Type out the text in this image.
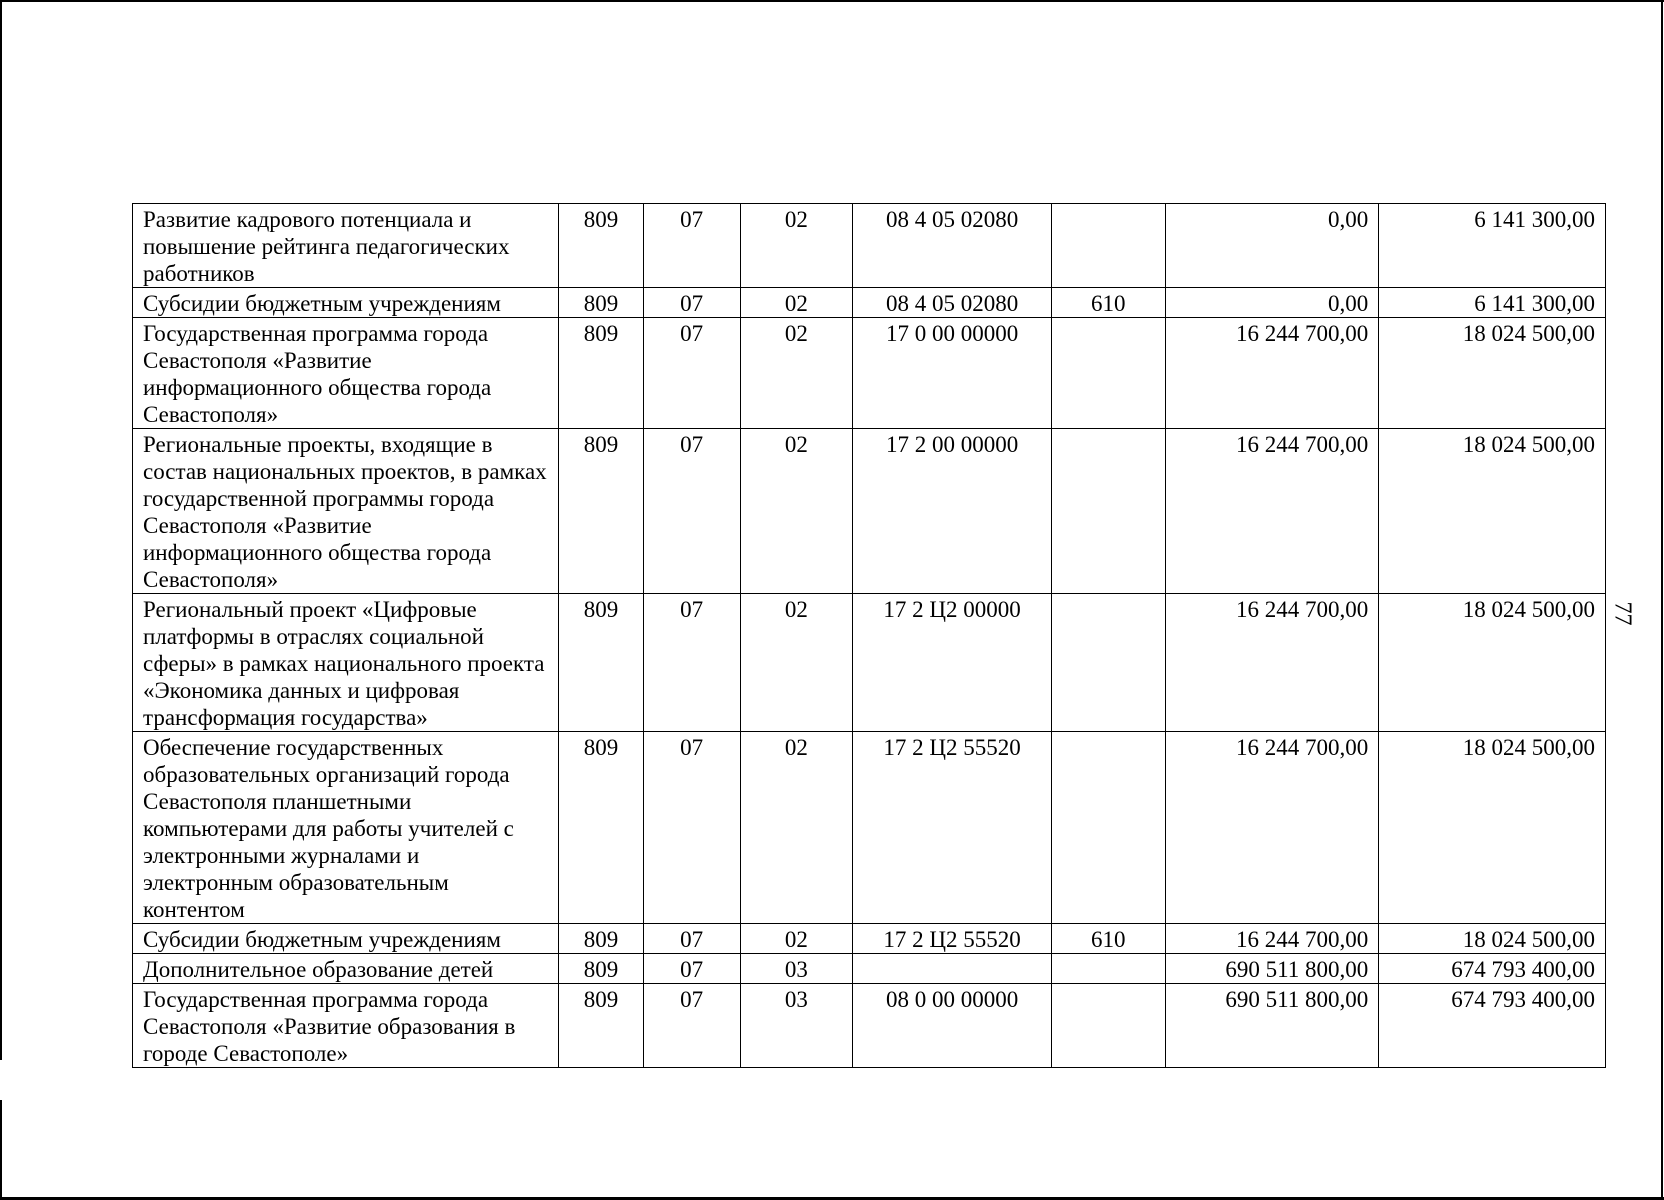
77
Развитие кадрового потенциала и повышение рейтинга педагогических работников	809	07	02	08 4 05 02080		0,00	6 141 300,00
Субсидии бюджетным учреждениям	809	07	02	08 4 05 02080	610	0,00	6 141 300,00
Государственная программа города Севастополя «Развитие информационного общества города Севастополя»	809	07	02	17 0 00 00000		16 244 700,00	18 024 500,00
Региональные проекты, входящие в состав национальных проектов, в рамках государственной программы города Севастополя «Развитие информационного общества города Севастополя»	809	07	02	17 2 00 00000		16 244 700,00	18 024 500,00
Региональный проект «Цифровые платформы в отраслях социальной сферы» в рамках национального проекта «Экономика данных и цифровая трансформация государства»	809	07	02	17 2 Ц2 00000		16 244 700,00	18 024 500,00
Обеспечение государственных образовательных организаций города Севастополя планшетными компьютерами для работы учителей с электронными журналами и электронным образовательным контентом	809	07	02	17 2 Ц2 55520		16 244 700,00	18 024 500,00
Субсидии бюджетным учреждениям	809	07	02	17 2 Ц2 55520	610	16 244 700,00	18 024 500,00
Дополнительное образование детей	809	07	03			690 511 800,00	674 793 400,00
Государственная программа города Севастополя «Развитие образования в городе Севастополе»	809	07	03	08 0 00 00000		690 511 800,00	674 793 400,00
